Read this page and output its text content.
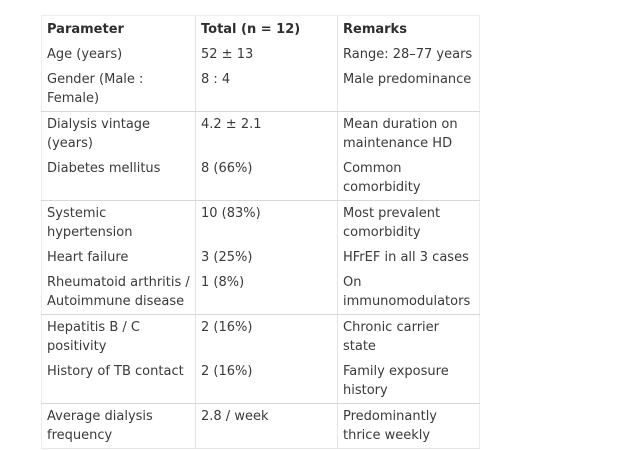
Parameter	Total (n = 12)	Remarks
Age (years)	52 ± 13	Range: 28–77 years
Gender (Male : Female)	8 : 4	Male predominance
Dialysis vintage (years)	4.2 ± 2.1	Mean duration on maintenance HD
Diabetes mellitus	8 (66%)	Common comorbidity
Systemic hypertension	10 (83%)	Most prevalent comorbidity
Heart failure	3 (25%)	HFrEF in all 3 cases
Rheumatoid arthritis / Autoimmune disease	1 (8%)	On immunomodulators
Hepatitis B / C positivity	2 (16%)	Chronic carrier state
History of TB contact	2 (16%)	Family exposure history
Average dialysis frequency	2.8 / week	Predominantly thrice weekly
